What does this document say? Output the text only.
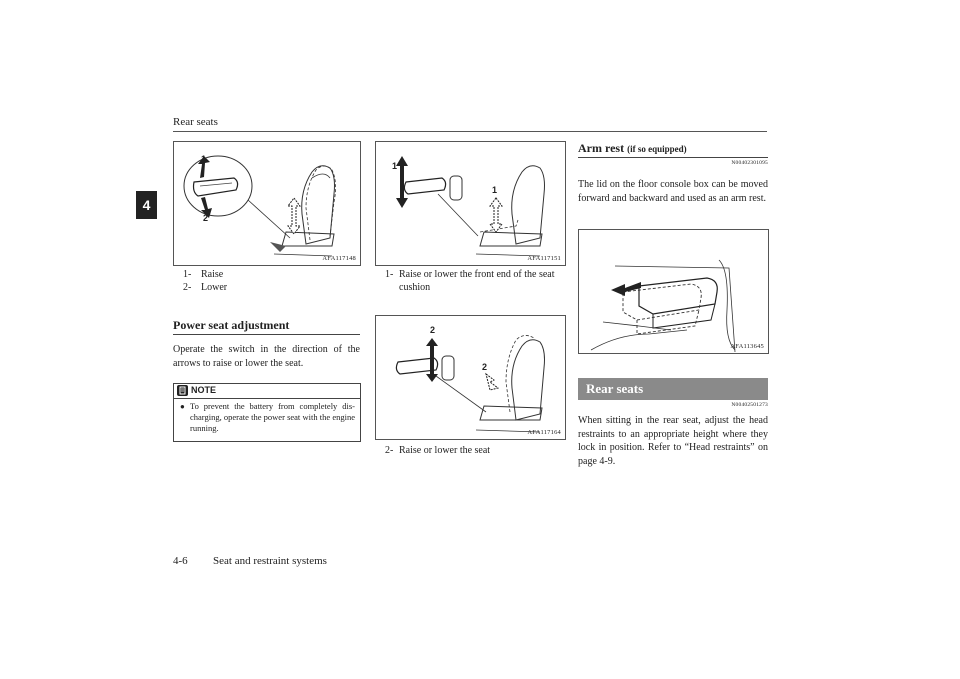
Rear seats
4
1
2
AFA117148
1- Raise
2- Lower
Power seat adjustment
Operate the switch in the direction of the arrows to raise or lower the seat.
NOTE
● To prevent the battery from completely dis-charging, operate the power seat with the engine running.
1
1
AFA117151
1- Raise or lower the front end of the seat cushion
2
2
AFA117164
2- Raise or lower the seat
Arm rest (if so equipped)
N00402301095
The lid on the floor console box can be moved forward and backward and used as an arm rest.
AFA113645
Rear seats
N00402501273
When sitting in the rear seat, adjust the head restraints to an appropriate height where they lock in position. Refer to “Head restraints” on page 4-9.
4-6 Seat and restraint systems
